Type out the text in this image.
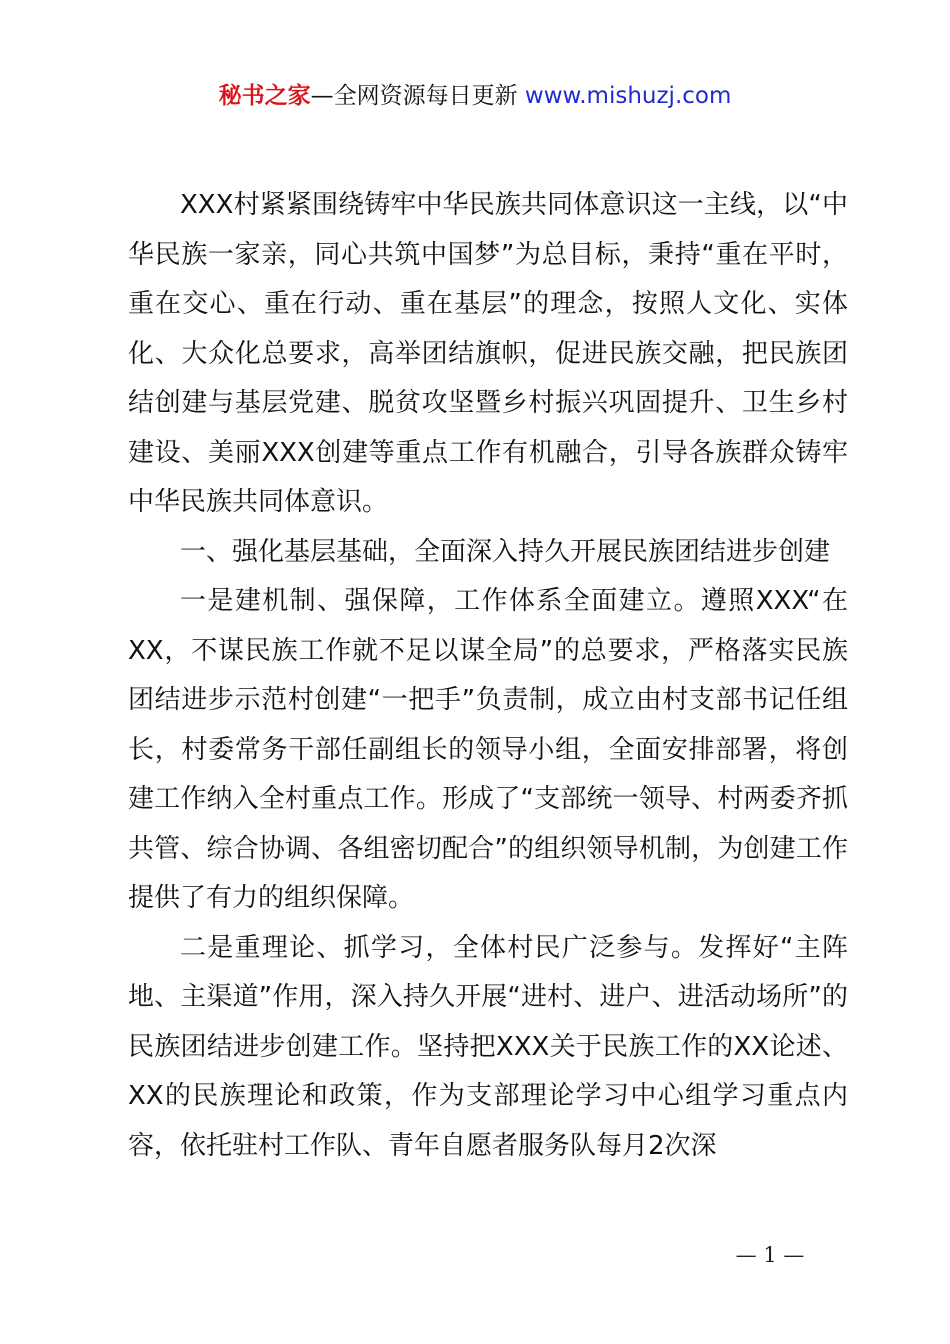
秘书之家—全网资源每日更新 www.mishuzj.com

XXX村紧紧围绕铸牢中华民族共同体意识这一主线，以“中华民族一家亲，同心共筑中国梦”为总目标，秉持“重在平时，重在交心、重在行动、重在基层”的理念，按照人文化、实体化、大众化总要求，高举团结旗帜，促进民族交融，把民族团结创建与基层党建、脱贫攻坚暨乡村振兴巩固提升、卫生乡村建设、美丽XXX创建等重点工作有机融合，引导各族群众铸牢中华民族共同体意识。

一、强化基层基础，全面深入持久开展民族团结进步创建

一是建机制、强保障，工作体系全面建立。遵照XXX“在XX，不谋民族工作就不足以谋全局”的总要求，严格落实民族团结进步示范村创建“一把手”负责制，成立由村支部书记任组长，村委常务干部任副组长的领导小组，全面安排部署，将创建工作纳入全村重点工作。形成了“支部统一领导、村两委齐抓共管、综合协调、各组密切配合”的组织领导机制，为创建工作提供了有力的组织保障。

二是重理论、抓学习，全体村民广泛参与。发挥好“主阵地、主渠道”作用，深入持久开展“进村、进户、进活动场所”的民族团结进步创建工作。坚持把XXX关于民族工作的XX论述、XX的民族理论和政策，作为支部理论学习中心组学习重点内容，依托驻村工作队、青年自愿者服务队每月2次深

— 1 —
